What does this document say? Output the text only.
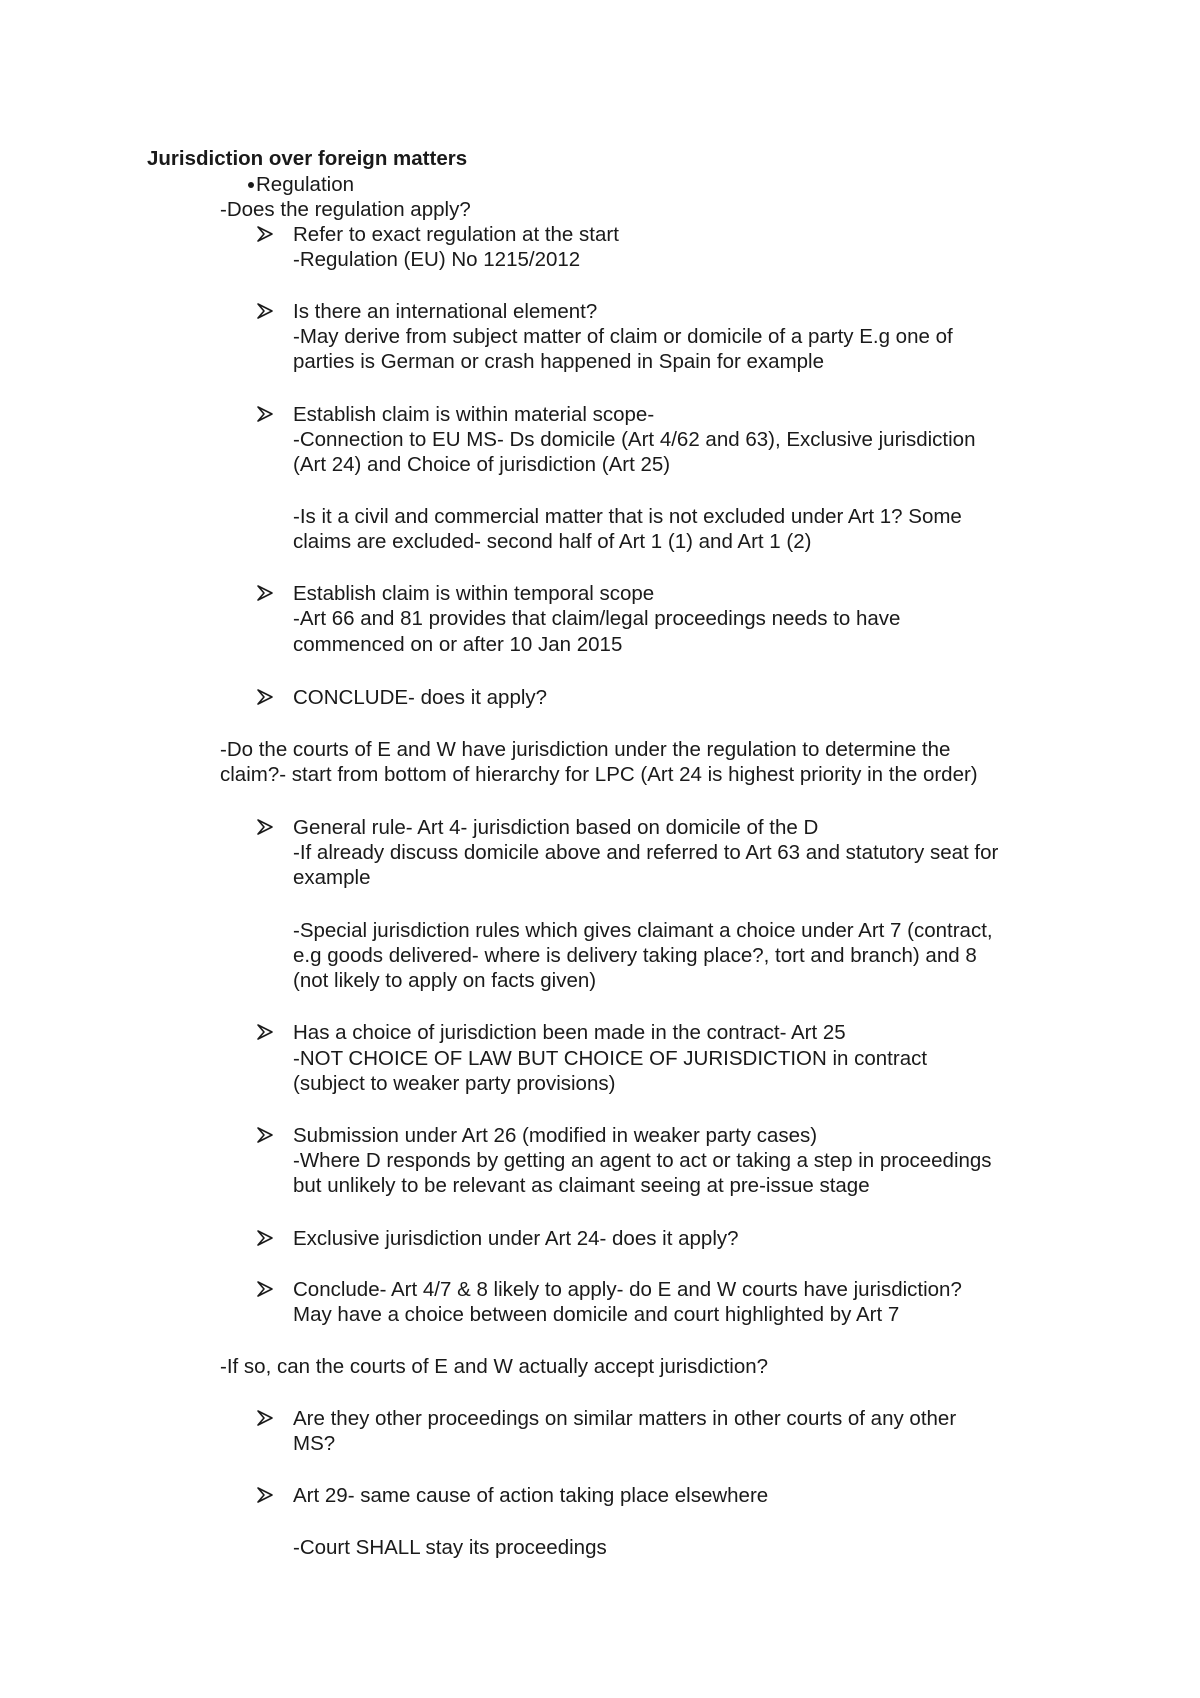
Jurisdiction over foreign matters
Regulation
-Does the regulation apply?
Refer to exact regulation at the start
-Regulation (EU) No 1215/2012
Is there an international element?
-May derive from subject matter of claim or domicile of a party E.g one of
parties is German or crash happened in Spain for example
Establish claim is within material scope-
-Connection to EU MS- Ds domicile (Art 4/62 and 63), Exclusive jurisdiction
(Art 24) and Choice of jurisdiction (Art 25)
-Is it a civil and commercial matter that is not excluded under Art 1? Some
claims are excluded- second half of Art 1 (1) and Art 1 (2)
Establish claim is within temporal scope
-Art 66 and 81 provides that claim/legal proceedings needs to have
commenced on or after 10 Jan 2015
CONCLUDE- does it apply?
-Do the courts of E and W have jurisdiction under the regulation to determine the
claim?- start from bottom of hierarchy for LPC (Art 24 is highest priority in the order)
General rule- Art 4- jurisdiction based on domicile of the D
-If already discuss domicile above and referred to Art 63 and statutory seat for
example
-Special jurisdiction rules which gives claimant a choice under Art 7 (contract,
e.g goods delivered- where is delivery taking place?, tort and branch) and 8
(not likely to apply on facts given)
Has a choice of jurisdiction been made in the contract- Art 25
-NOT CHOICE OF LAW BUT CHOICE OF JURISDICTION in contract
(subject to weaker party provisions)
Submission under Art 26 (modified in weaker party cases)
-Where D responds by getting an agent to act or taking a step in proceedings
but unlikely to be relevant as claimant seeing at pre-issue stage
Exclusive jurisdiction under Art 24- does it apply?
Conclude- Art 4/7 & 8 likely to apply- do E and W courts have jurisdiction?
May have a choice between domicile and court highlighted by Art 7
-If so, can the courts of E and W actually accept jurisdiction?
Are they other proceedings on similar matters in other courts of any other
MS?
Art 29- same cause of action taking place elsewhere
-Court SHALL stay its proceedings
